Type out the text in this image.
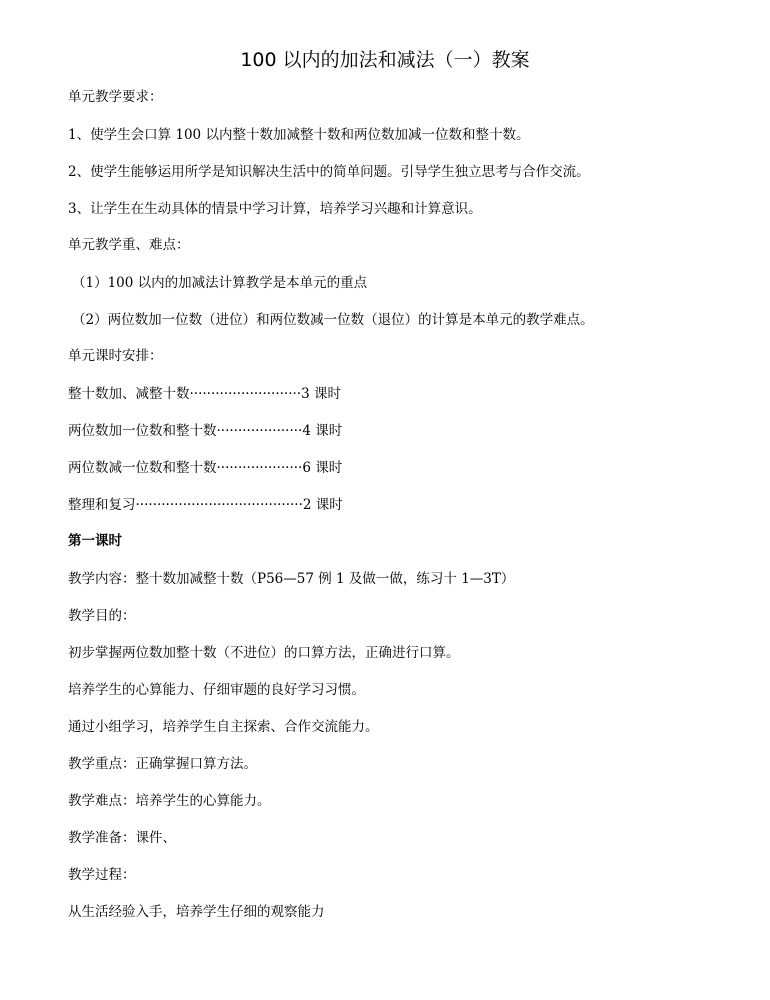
100 以内的加法和减法（一）教案
单元教学要求：
1、使学生会口算 100 以内整十数加减整十数和两位数加减一位数和整十数。
2、使学生能够运用所学是知识解决生活中的简单问题。引导学生独立思考与合作交流。
3、让学生在生动具体的情景中学习计算，培养学习兴趣和计算意识。
单元教学重、难点：
（1）100 以内的加减法计算教学是本单元的重点
（2）两位数加一位数（进位）和两位数减一位数（退位）的计算是本单元的教学难点。
单元课时安排：
整十数加、减整十数··························3 课时
两位数加一位数和整十数····················4 课时
两位数减一位数和整十数····················6 课时
整理和复习·······································2 课时
第一课时
教学内容：整十数加减整十数（P56—57 例 1 及做一做，练习十 1—3T）
教学目的：
初步掌握两位数加整十数（不进位）的口算方法，正确进行口算。
培养学生的心算能力、仔细审题的良好学习习惯。
通过小组学习，培养学生自主探索、合作交流能力。
教学重点：正确掌握口算方法。
教学难点：培养学生的心算能力。
教学准备：课件、
教学过程：
从生活经验入手，培养学生仔细的观察能力
